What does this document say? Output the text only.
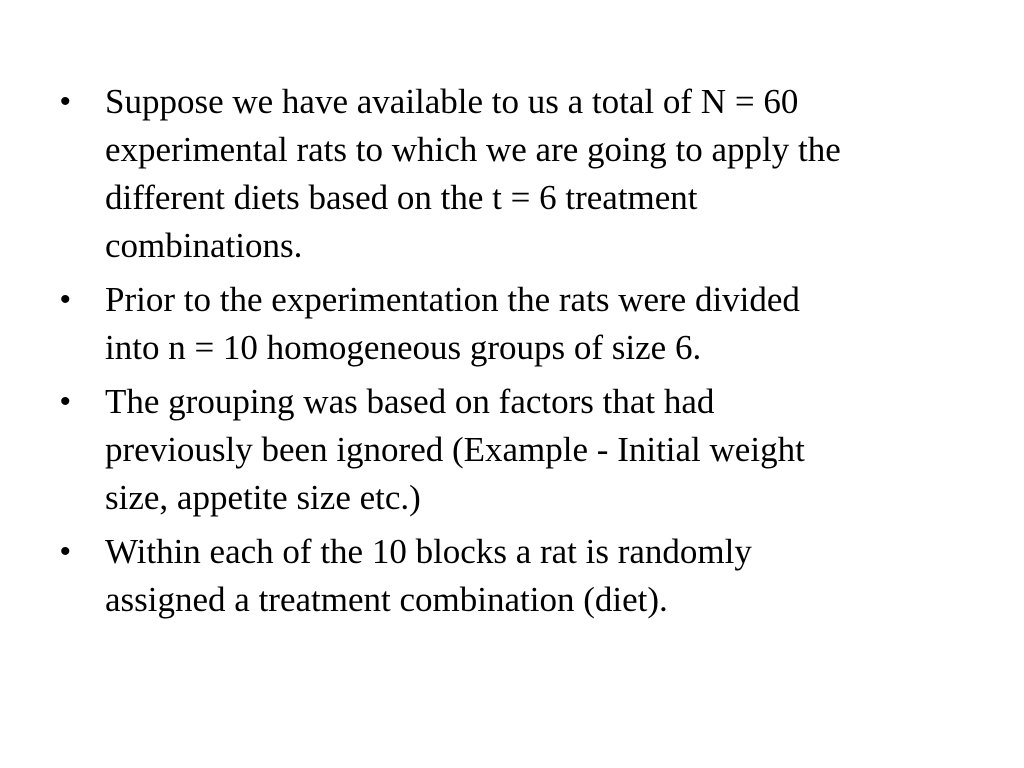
• Suppose we have available to us a total of N = 60
experimental rats to which we are going to apply the
different diets based on the t = 6 treatment
combinations.
• Prior to the experimentation the rats were divided
into n = 10 homogeneous groups of size 6.
• The grouping was based on factors that had
previously been ignored (Example - Initial weight
size, appetite size etc.)
• Within each of the 10 blocks a rat is randomly
assigned a treatment combination (diet).
